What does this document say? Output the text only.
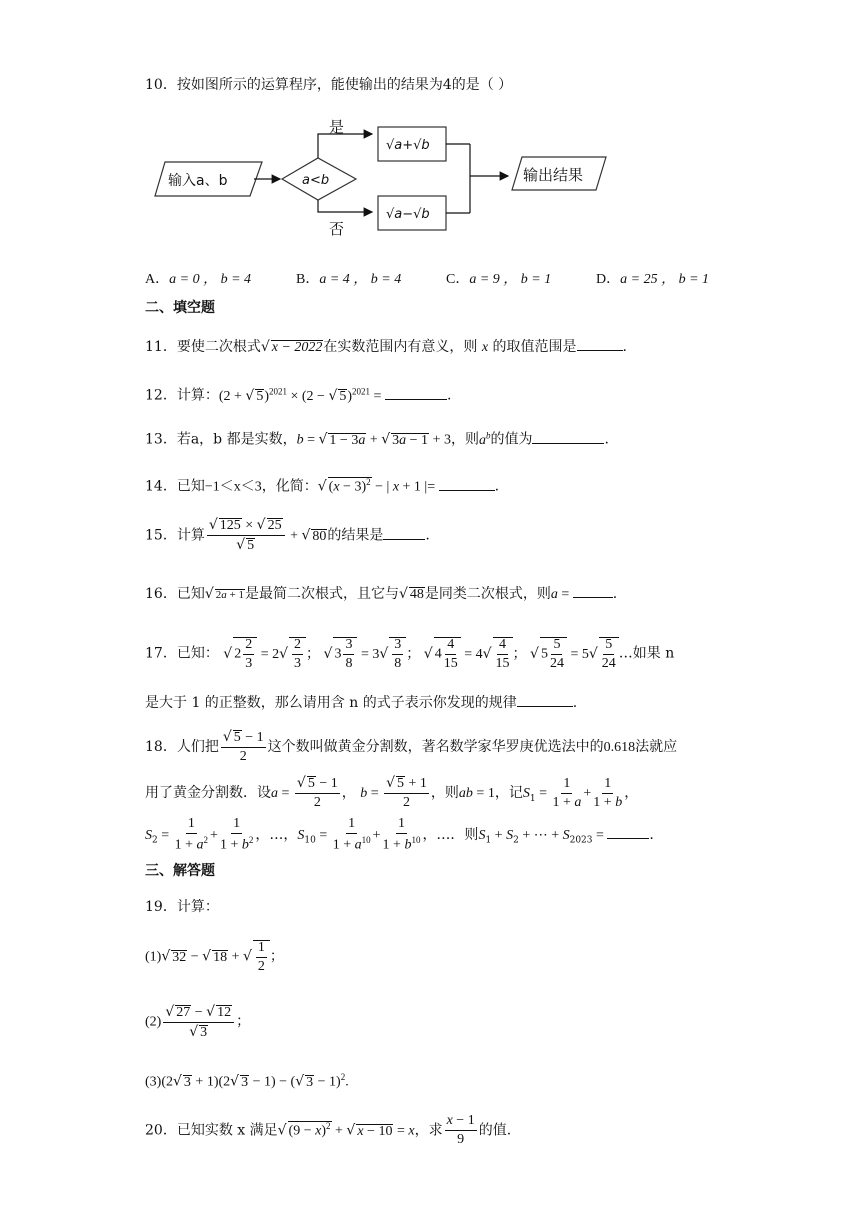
10．按如图所示的运算程序，能使输出的结果为4的是（ ）
输入a、b	a<b
是
√a+√b
否
√a−√b
输出结果
A．a = 0 ， b = 4	B．a = 4 ， b = 4	C．a = 9 ， b = 1	D．a = 25 ， b = 1
二、填空题
11．要使二次根式√ x − 2022在实数范围内有意义，则 x 的取值范围是	.
12．计算：(2 + √ 5)$^{2021}$ × (2 − √ 5)$^{2021}$ =	.
13．若a，b 都是实数，b = √ 1 − 3a + √ 3a − 1 + 3，则$a^b$的值为	.
14．已知−1＜x＜3，化简：√ $(x - 3)^2$ − | x + 1 |=	.
15．计算 $\frac{√ 125 \times √ 25}{√ 5}$ + √ 80的结果是	.
16．已知√ 2a + 1是最简二次根式，且它与√ 48是同类二次根式，则a =	.
17．已知： √ $2 \frac{2}{3} = 2√ \frac{2}{3}$ ； √ $3 \frac{3}{8} = 3√ \frac{3}{8}$ ； √ $4 \frac{4}{15} = 4√ \frac{4}{15}$ ； √ $5 \frac{5}{24} = 5√ \frac{5}{24}$ …如果 n
是大于 1 的正整数，那么请用含 n 的式子表示你发现的规律	.
18．人们把 $\frac{√ 5 - 1}{2}$ 这个数叫做黄金分割数，著名数学家华罗庚优选法中的0.618法就应
用了黄金分割数．设$a = \frac{√ 5 - 1}{2}$ ， $b = \frac{√ 5 + 1}{2}$ ，则ab = 1，记$S_1 = \frac{1}{1 + a} + \frac{1}{1 + b}$ ，
$S_2 = \frac{1}{1 + a^2} + \frac{1}{1 + b^2}$ ，…，$S_{10} = \frac{1}{1 + a^{10}} + \frac{1}{1 + b^{10}}$ ，…．则$S_1 + S_2$ + ⋯ + $S_{2023}$ =	.
三、解答题
19．计算：
(1)√ 32 − √ 18 + √ $\frac{1}{2}$ ；
$(2) \frac{√ 27 - √ 12}{√ 3}$ ；
(3)(2√ 3 + 1)(2√ 3 − 1) − (√ 3 − 1)$^2$.
20．已知实数 x 满足√ $(9 - x)^2$ + √ x − 10 = x，求 $\frac{x - 1}{9}$ 的值.
